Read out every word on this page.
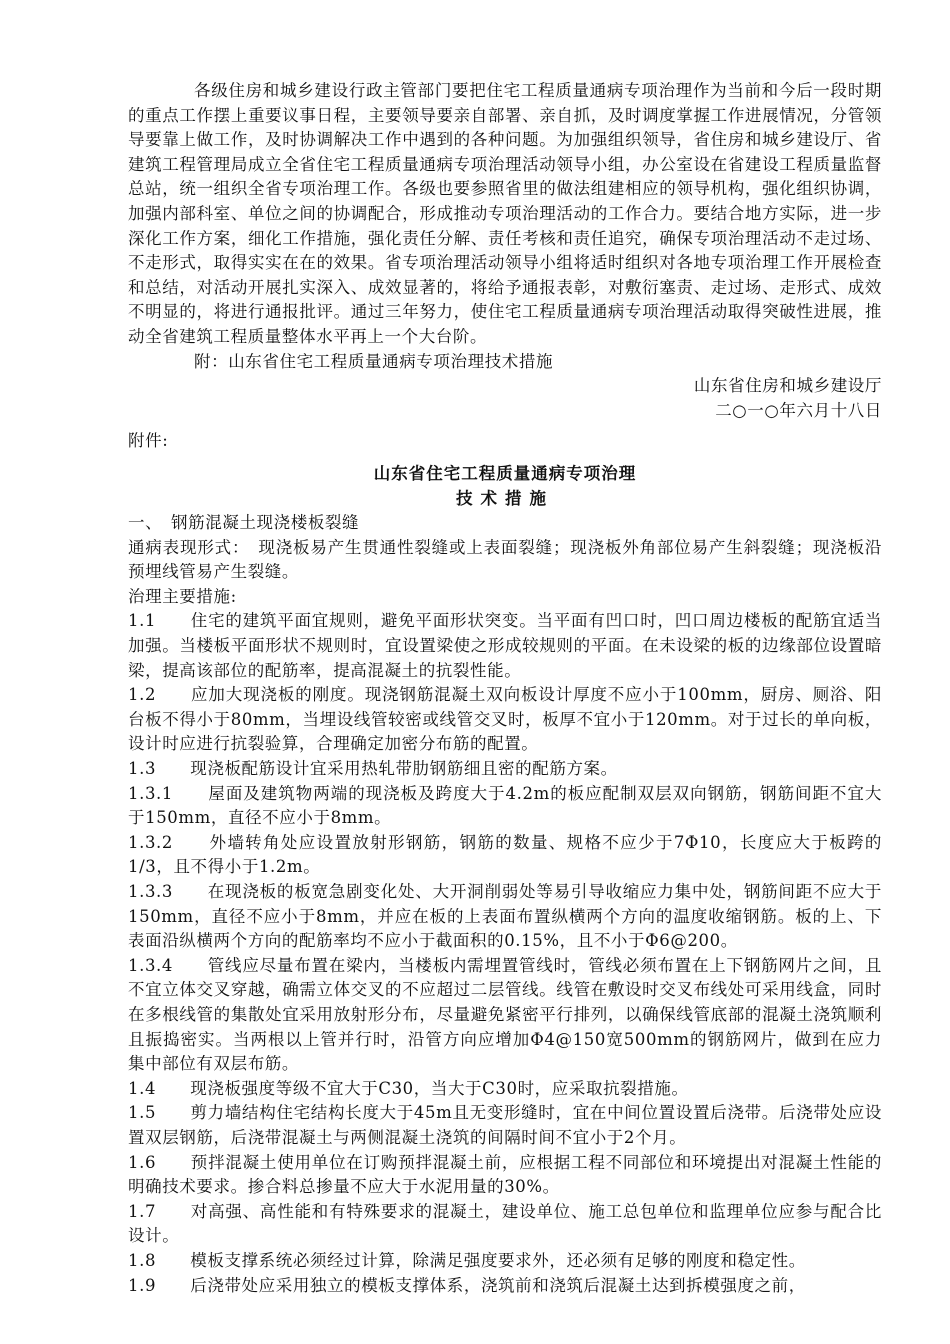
各级住房和城乡建设行政主管部门要把住宅工程质量通病专项治理作为当前和今后一段时期的重点工作摆上重要议事日程，主要领导要亲自部署、亲自抓，及时调度掌握工作进展情况，分管领导要靠上做工作，及时协调解决工作中遇到的各种问题。为加强组织领导，省住房和城乡建设厅、省建筑工程管理局成立全省住宅工程质量通病专项治理活动领导小组，办公室设在省建设工程质量监督总站，统一组织全省专项治理工作。各级也要参照省里的做法组建相应的领导机构，强化组织协调，加强内部科室、单位之间的协调配合，形成推动专项治理活动的工作合力。要结合地方实际，进一步深化工作方案，细化工作措施，强化责任分解、责任考核和责任追究，确保专项治理活动不走过场、不走形式，取得实实在在的效果。省专项治理活动领导小组将适时组织对各地专项治理工作开展检查和总结，对活动开展扎实深入、成效显著的，将给予通报表彰，对敷衍塞责、走过场、走形式、成效不明显的，将进行通报批评。通过三年努力，使住宅工程质量通病专项治理活动取得突破性进展，推动全省建筑工程质量整体水平再上一个大台阶。

附：山东省住宅工程质量通病专项治理技术措施

山东省住房和城乡建设厅

二○一○年六月十八日

附件:

山东省住宅工程质量通病专项治理

技术措施

一、　钢筋混凝土现浇楼板裂缝

通病表现形式：　现浇板易产生贯通性裂缝或上表面裂缝；现浇板外角部位易产生斜裂缝；现浇板沿预埋线管易产生裂缝。

治理主要措施:

1.1　　住宅的建筑平面宜规则，避免平面形状突变。当平面有凹口时，凹口周边楼板的配筋宜适当加强。当楼板平面形状不规则时，宜设置梁使之形成较规则的平面。在未设梁的板的边缘部位设置暗梁，提高该部位的配筋率，提高混凝土的抗裂性能。

1.2　　应加大现浇板的刚度。现浇钢筋混凝土双向板设计厚度不应小于100mm，厨房、厕浴、阳台板不得小于80mm，当埋设线管较密或线管交叉时，板厚不宜小于120mm。对于过长的单向板，设计时应进行抗裂验算，合理确定加密分布筋的配置。

1.3　　现浇板配筋设计宜采用热轧带肋钢筋细且密的配筋方案。

1.3.1　　屋面及建筑物两端的现浇板及跨度大于4.2m的板应配制双层双向钢筋，钢筋间距不宜大于150mm，直径不应小于8mm。

1.3.2　　外墙转角处应设置放射形钢筋，钢筋的数量、规格不应少于7Φ10，长度应大于板跨的1/3，且不得小于1.2m。

1.3.3　　在现浇板的板宽急剧变化处、大开洞削弱处等易引导收缩应力集中处，钢筋间距不应大于150mm，直径不应小于8mm，并应在板的上表面布置纵横两个方向的温度收缩钢筋。板的上、下表面沿纵横两个方向的配筋率均不应小于截面积的0.15%，且不小于Φ6@200。

1.3.4　　管线应尽量布置在梁内，当楼板内需埋置管线时，管线必须布置在上下钢筋网片之间，且不宜立体交叉穿越，确需立体交叉的不应超过二层管线。线管在敷设时交叉布线处可采用线盒，同时在多根线管的集散处宜采用放射形分布，尽量避免紧密平行排列，以确保线管底部的混凝土浇筑顺利且振捣密实。当两根以上管并行时，沿管方向应增加Φ4@150宽500mm的钢筋网片，做到在应力集中部位有双层布筋。

1.4　　现浇板强度等级不宜大于C30，当大于C30时，应采取抗裂措施。

1.5　　剪力墙结构住宅结构长度大于45m且无变形缝时，宜在中间位置设置后浇带。后浇带处应设置双层钢筋，后浇带混凝土与两侧混凝土浇筑的间隔时间不宜小于2个月。

1.6　　预拌混凝土使用单位在订购预拌混凝土前，应根据工程不同部位和环境提出对混凝土性能的明确技术要求。掺合料总掺量不应大于水泥用量的30%。

1.7　　对高强、高性能和有特殊要求的混凝土，建设单位、施工总包单位和监理单位应参与配合比设计。

1.8　　模板支撑系统必须经过计算，除满足强度要求外，还必须有足够的刚度和稳定性。

1.9　　后浇带处应采用独立的模板支撑体系，浇筑前和浇筑后混凝土达到拆模强度之前，
